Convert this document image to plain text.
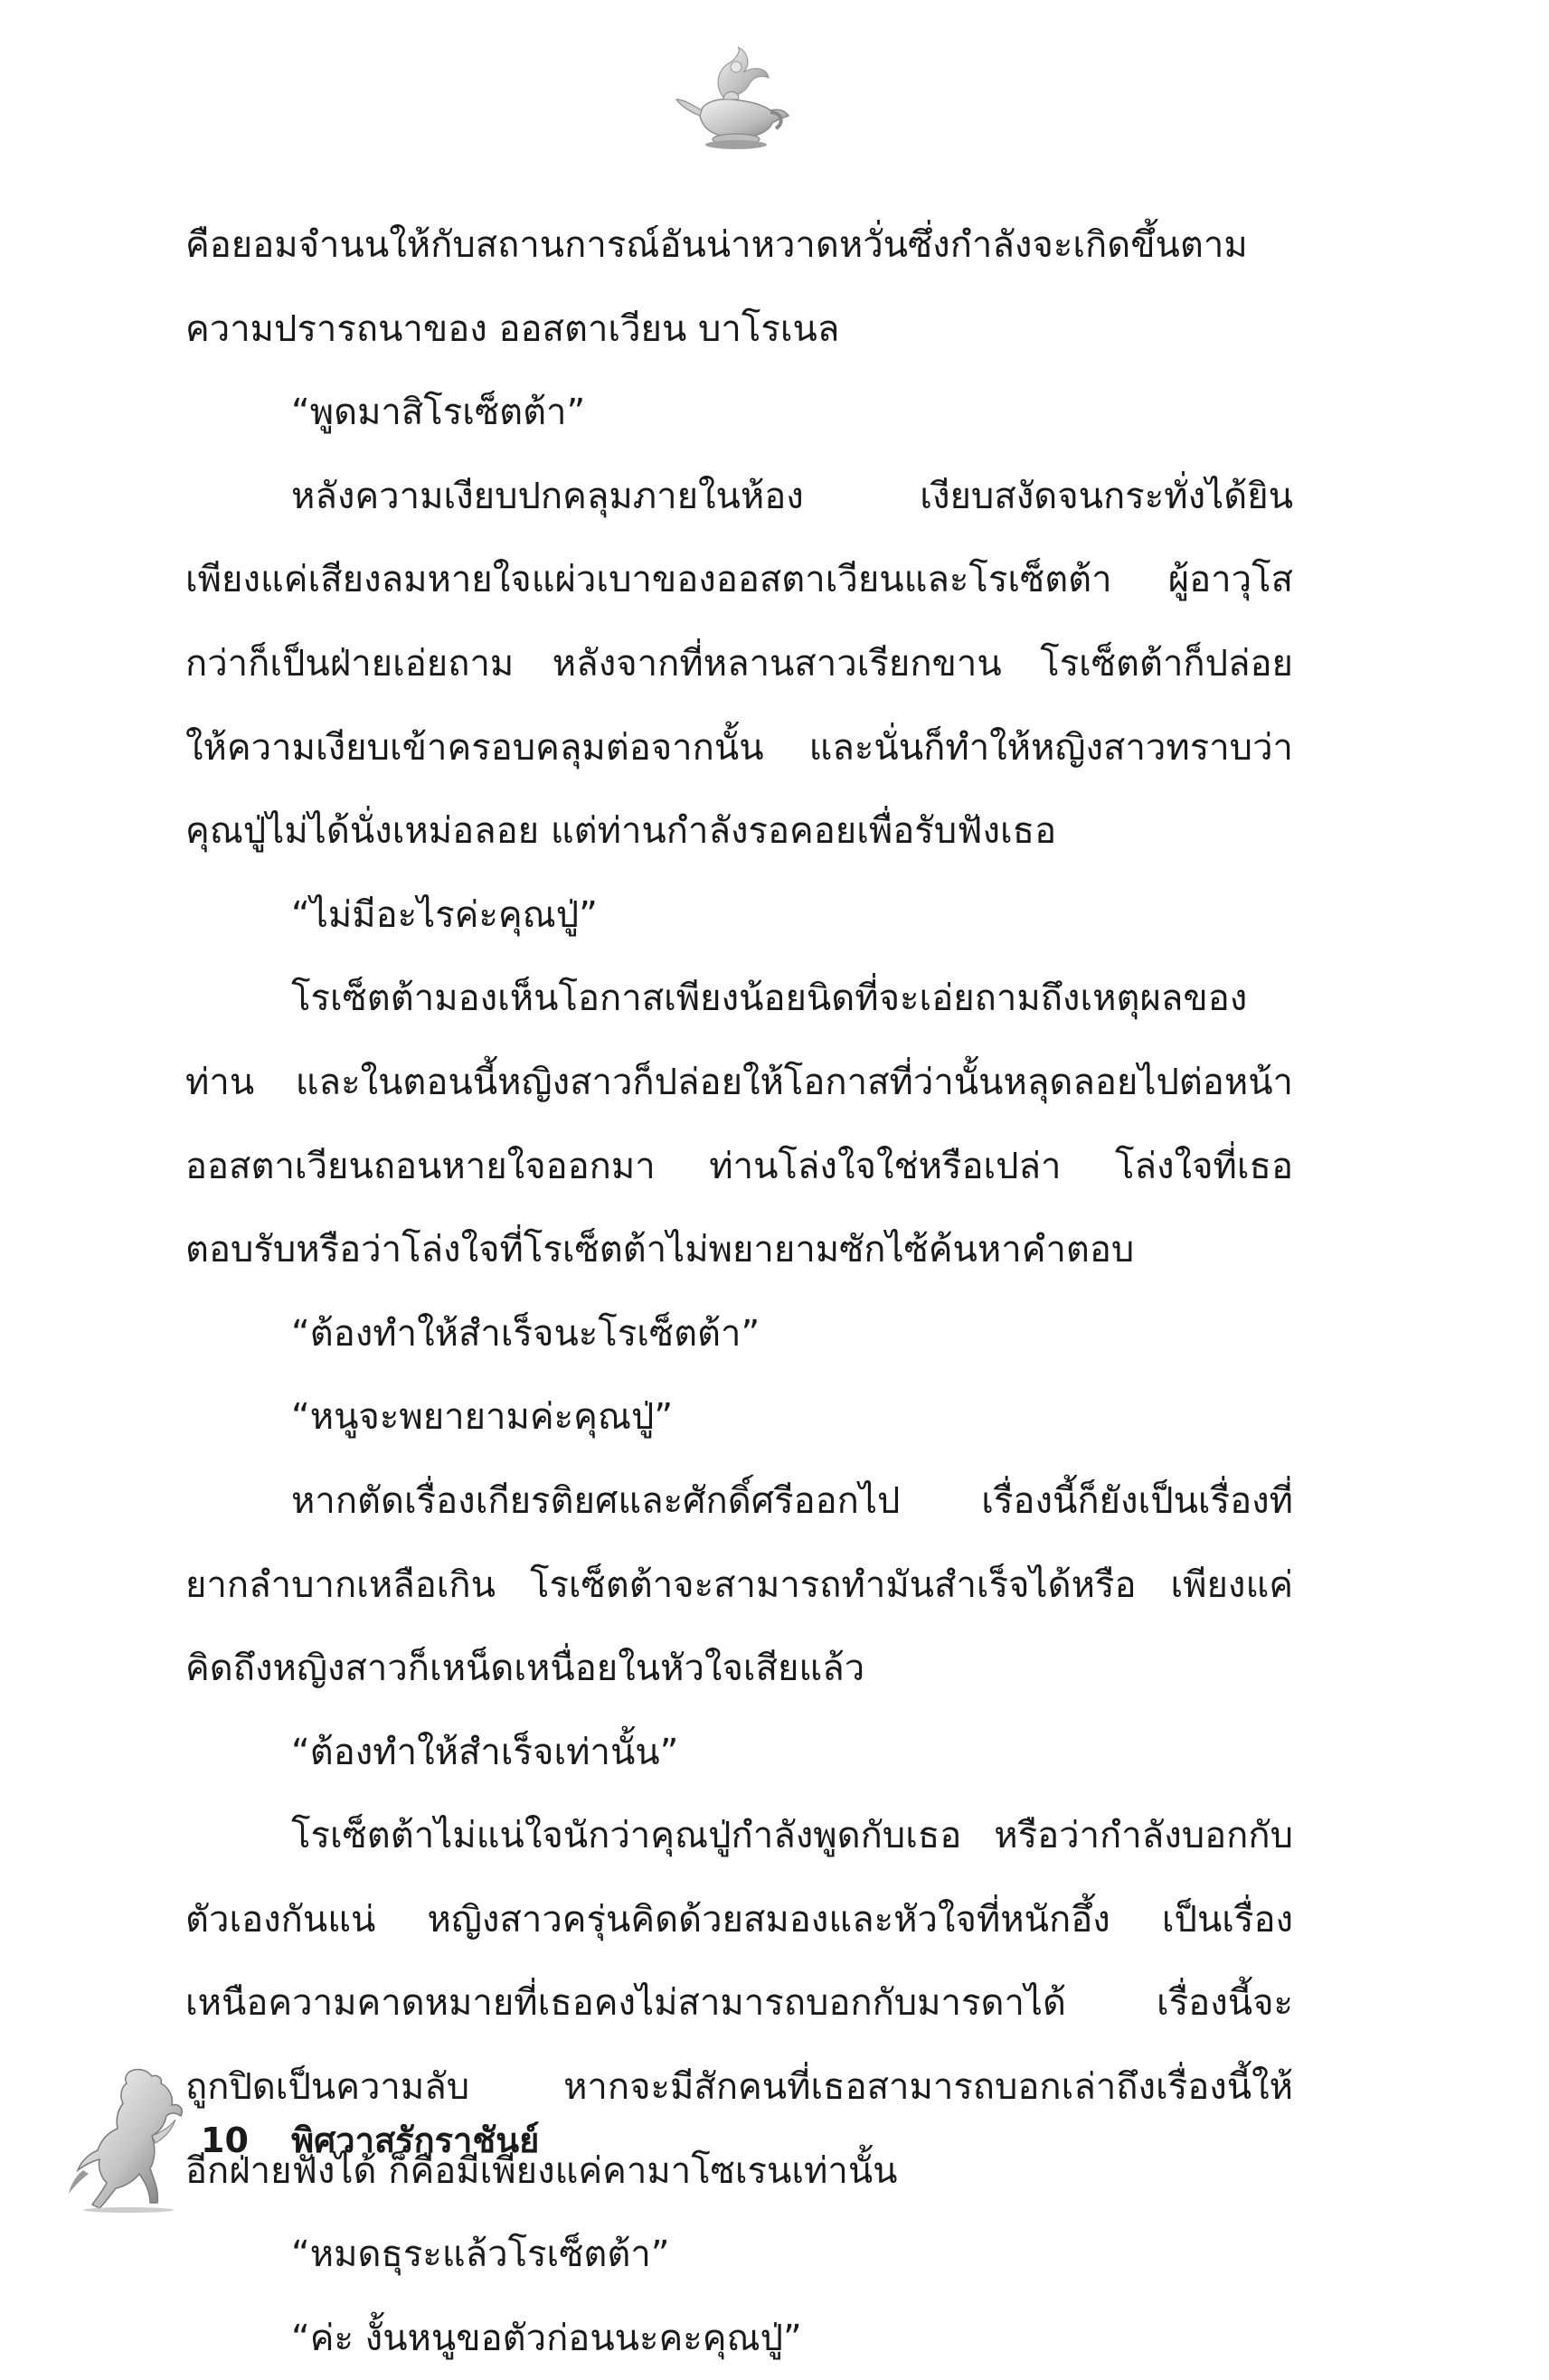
คือยอมจำนนให้กับสถานการณ์อันน่าหวาดหวั่นซึ่งกำลังจะเกิดขึ้นตาม
ความปรารถนาของ ออสตาเวียน บาโรเนล
“พูดมาสิโรเซ็ตต้า”
หลังความเงียบปกคลุมภายในห้อง เงียบสงัดจนกระทั่งได้ยิน
เพียงแค่เสียงลมหายใจแผ่วเบาของออสตาเวียนและโรเซ็ตต้า ผู้อาวุโส
กว่าก็เป็นฝ่ายเอ่ยถาม หลังจากที่หลานสาวเรียกขาน โรเซ็ตต้าก็ปล่อย
ให้ความเงียบเข้าครอบคลุมต่อจากนั้น และนั่นก็ทำให้หญิงสาวทราบว่า
คุณปู่ไม่ได้นั่งเหม่อลอย แต่ท่านกำลังรอคอยเพื่อรับฟังเธอ
“ไม่มีอะไรค่ะคุณปู่”
โรเซ็ตต้ามองเห็นโอกาสเพียงน้อยนิดที่จะเอ่ยถามถึงเหตุผลของ
ท่าน และในตอนนี้หญิงสาวก็ปล่อยให้โอกาสที่ว่านั้นหลุดลอยไปต่อหน้า
ออสตาเวียนถอนหายใจออกมา ท่านโล่งใจใช่หรือเปล่า โล่งใจที่เธอ
ตอบรับหรือว่าโล่งใจที่โรเซ็ตต้าไม่พยายามซักไซ้ค้นหาคำตอบ
“ต้องทำให้สำเร็จนะโรเซ็ตต้า”
“หนูจะพยายามค่ะคุณปู่”
หากตัดเรื่องเกียรติยศและศักดิ์ศรีออกไป เรื่องนี้ก็ยังเป็นเรื่องที่
ยากลำบากเหลือเกิน โรเซ็ตต้าจะสามารถทำมันสำเร็จได้หรือ เพียงแค่
คิดถึงหญิงสาวก็เหน็ดเหนื่อยในหัวใจเสียแล้ว
“ต้องทำให้สำเร็จเท่านั้น”
โรเซ็ตต้าไม่แน่ใจนักว่าคุณปู่กำลังพูดกับเธอ หรือว่ากำลังบอกกับ
ตัวเองกันแน่ หญิงสาวครุ่นคิดด้วยสมองและหัวใจที่หนักอึ้ง เป็นเรื่อง
เหนือความคาดหมายที่เธอคงไม่สามารถบอกกับมารดาได้ เรื่องนี้จะ
ถูกปิดเป็นความลับ หากจะมีสักคนที่เธอสามารถบอกเล่าถึงเรื่องนี้ให้
อีกฝ่ายฟังได้ ก็คือมีเพียงแค่คามาโซเรนเท่านั้น
“หมดธุระแล้วโรเซ็ตต้า”
“ค่ะ งั้นหนูขอตัวก่อนนะคะคุณปู่”
10 พิศวาสรักราชันย์
